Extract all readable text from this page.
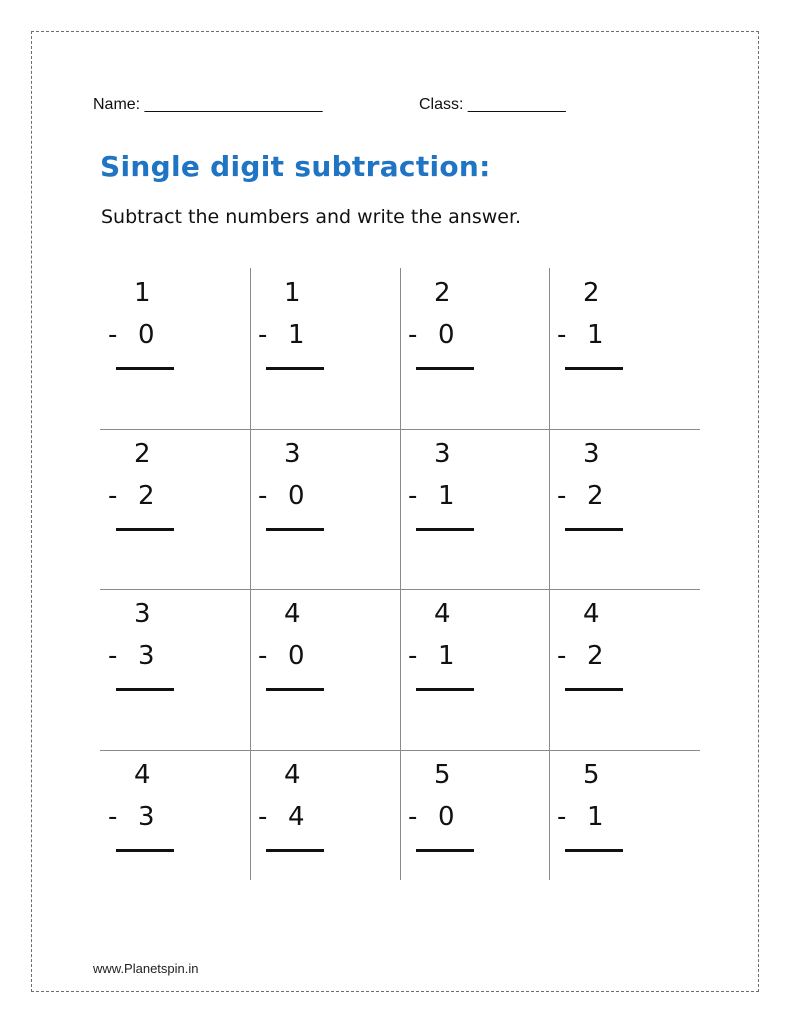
Name: ____________________	Class: ___________
Single digit subtraction:
Subtract the numbers and write the answer.
1
- 0
1
- 1
2
- 0
2
- 1
2
- 2
3
- 0
3
- 1
3
- 2
3
- 3
4
- 0
4
- 1
4
- 2
4
- 3
4
- 4
5
- 0
5
- 1
www.Planetspin.in
